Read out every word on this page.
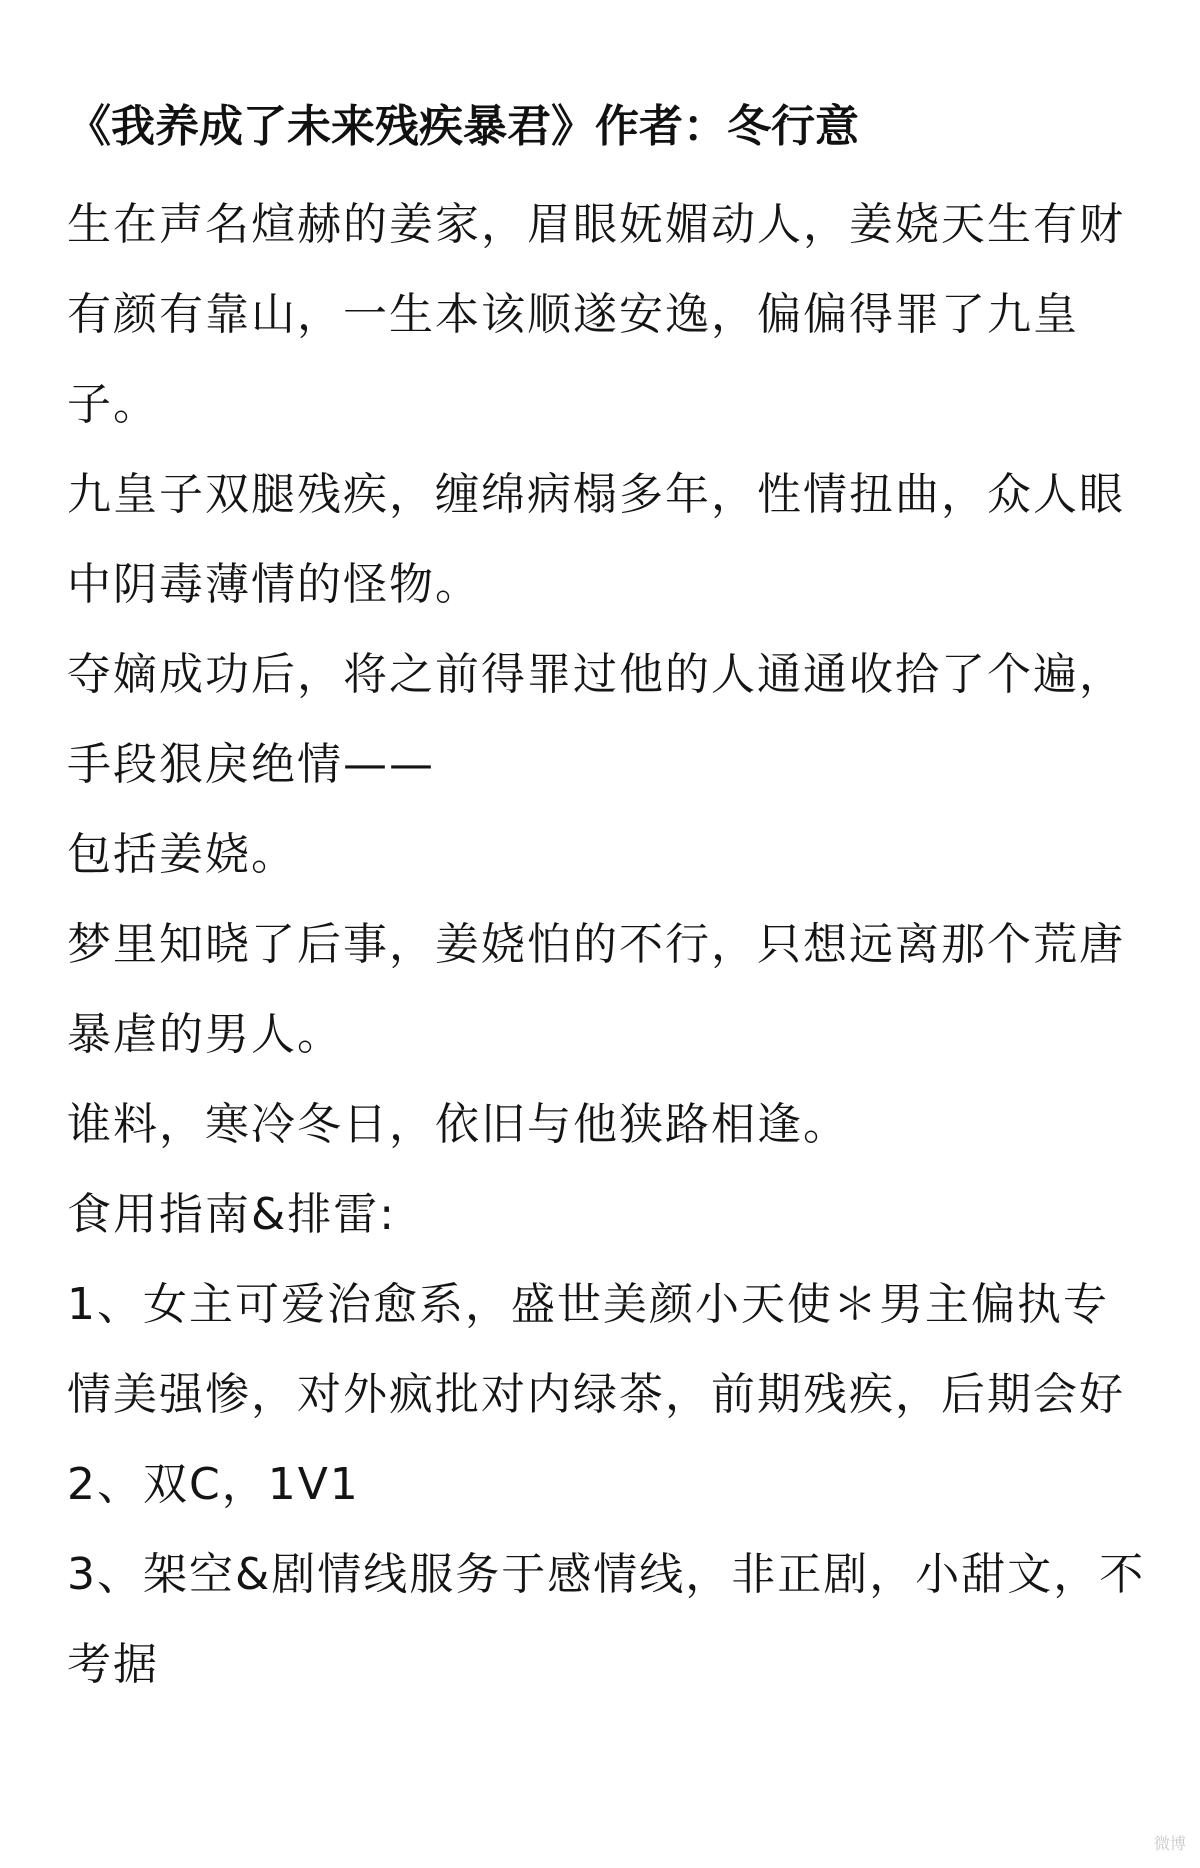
《我养成了未来残疾暴君》作者：冬行意

生在声名煊赫的姜家，眉眼妩媚动人，姜娆天生有财有颜有靠山，一生本该顺遂安逸，偏偏得罪了九皇子。

九皇子双腿残疾，缠绵病榻多年，性情扭曲，众人眼中阴毒薄情的怪物。

夺嫡成功后，将之前得罪过他的人通通收拾了个遍，手段狠戾绝情——

包括姜娆。

梦里知晓了后事，姜娆怕的不行，只想远离那个荒唐暴虐的男人。

谁料，寒冷冬日，依旧与他狭路相逢。

食用指南&排雷:

1、女主可爱治愈系，盛世美颜小天使＊男主偏执专情美强惨，对外疯批对内绿茶，前期残疾，后期会好

2、双C，1V1

3、架空&剧情线服务于感情线，非正剧，小甜文，不考据

微博
